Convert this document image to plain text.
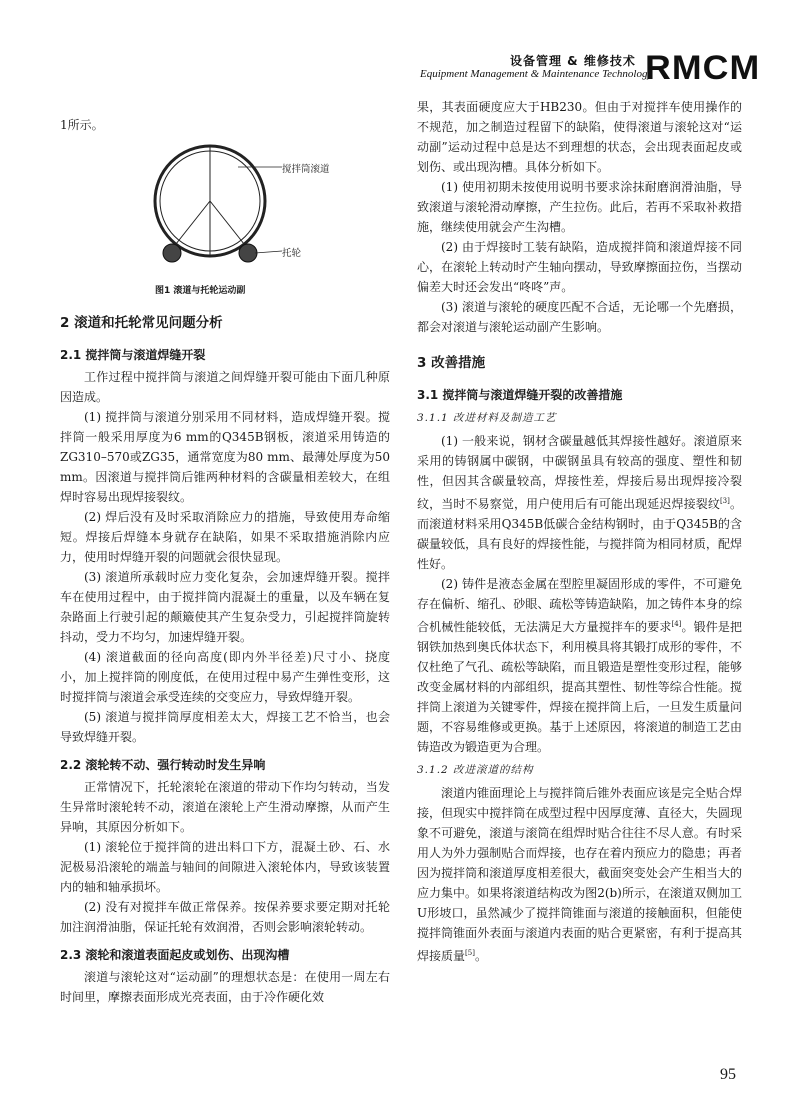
设备管理 & 维修技术
Equipment Management & Maintenance Technology
RMCM

1所示。

搅拌筒滚道
托轮
图1 滚道与托轮运动副
2 滚道和托轮常见问题分析
2.1 搅拌筒与滚道焊缝开裂

工作过程中搅拌筒与滚道之间焊缝开裂可能由下面几种原因造成。

(1) 搅拌筒与滚道分别采用不同材料，造成焊缝开裂。搅拌筒一般采用厚度为6 mm的Q345B钢板，滚道采用铸造的ZG310–570或ZG35，通常宽度为80 mm、最薄处厚度为50 mm。因滚道与搅拌筒后锥两种材料的含碳量相差较大，在组焊时容易出现焊接裂纹。

(2) 焊后没有及时采取消除应力的措施，导致使用寿命缩短。焊接后焊缝本身就存在缺陷，如果不采取措施消除内应力，使用时焊缝开裂的问题就会很快显现。

(3) 滚道所承载时应力变化复杂，会加速焊缝开裂。搅拌车在使用过程中，由于搅拌筒内混凝土的重量，以及车辆在复杂路面上行驶引起的颠簸使其产生复杂受力，引起搅拌筒旋转抖动，受力不均匀，加速焊缝开裂。

(4) 滚道截面的径向高度(即内外半径差)尺寸小、挠度小，加上搅拌筒的刚度低，在使用过程中易产生弹性变形，这时搅拌筒与滚道会承受连续的交变应力，导致焊缝开裂。

(5) 滚道与搅拌筒厚度相差太大，焊接工艺不恰当，也会导致焊缝开裂。

2.2 滚轮转不动、强行转动时发生异响

正常情况下，托轮滚轮在滚道的带动下作均匀转动，当发生异常时滚轮转不动，滚道在滚轮上产生滑动摩擦，从而产生异响，其原因分析如下。

(1) 滚轮位于搅拌筒的进出料口下方，混凝土砂、石、水泥极易沿滚轮的端盖与轴间的间隙进入滚轮体内，导致该装置内的轴和轴承损坏。

(2) 没有对搅拌车做正常保养。按保养要求要定期对托轮加注润滑油脂，保证托轮有效润滑，否则会影响滚轮转动。

2.3 滚轮和滚道表面起皮或划伤、出现沟槽

滚道与滚轮这对“运动副”的理想状态是：在使用一周左右时间里，摩擦表面形成光亮表面，由于冷作硬化效

果，其表面硬度应大于HB230。但由于对搅拌车使用操作的不规范，加之制造过程留下的缺陷，使得滚道与滚轮这对“运动副”运动过程中总是达不到理想的状态，会出现表面起皮或划伤、或出现沟槽。具体分析如下。

(1) 使用初期未按使用说明书要求涂抹耐磨润滑油脂，导致滚道与滚轮滑动摩擦，产生拉伤。此后，若再不采取补救措施，继续使用就会产生沟槽。

(2) 由于焊接时工装有缺陷，造成搅拌筒和滚道焊接不同心，在滚轮上转动时产生轴向摆动，导致摩擦面拉伤，当摆动偏差大时还会发出“咚咚”声。

(3) 滚道与滚轮的硬度匹配不合适，无论哪一个先磨损，都会对滚道与滚轮运动副产生影响。

3 改善措施
3.1 搅拌筒与滚道焊缝开裂的改善措施
3.1.1 改进材料及制造工艺

(1) 一般来说，钢材含碳量越低其焊接性越好。滚道原来采用的铸钢属中碳钢，中碳钢虽具有较高的强度、塑性和韧性，但因其含碳量较高，焊接性差，焊接后易出现焊接冷裂纹，当时不易察觉，用户使用后有可能出现延迟焊接裂纹[3]。而滚道材料采用Q345B低碳合金结构钢时，由于Q345B的含碳量较低，具有良好的焊接性能，与搅拌筒为相同材质，配焊性好。

(2) 铸件是液态金属在型腔里凝固形成的零件，不可避免存在偏析、缩孔、砂眼、疏松等铸造缺陷，加之铸件本身的综合机械性能较低，无法满足大方量搅拌车的要求[4]。锻件是把钢铁加热到奥氏体状态下，利用模具将其锻打成形的零件，不仅杜绝了气孔、疏松等缺陷，而且锻造是塑性变形过程，能够改变金属材料的内部组织，提高其塑性、韧性等综合性能。搅拌筒上滚道为关键零件，焊接在搅拌筒上后，一旦发生质量问题，不容易维修或更换。基于上述原因，将滚道的制造工艺由铸造改为锻造更为合理。

3.1.2 改进滚道的结构

滚道内锥面理论上与搅拌筒后锥外表面应该是完全贴合焊接，但现实中搅拌筒在成型过程中因厚度薄、直径大，失圆现象不可避免，滚道与滚筒在组焊时贴合往往不尽人意。有时采用人为外力强制贴合而焊接，也存在着内预应力的隐患；再者因为搅拌筒和滚道厚度相差很大，截面突变处会产生相当大的应力集中。如果将滚道结构改为图2(b)所示，在滚道双侧加工U形坡口，虽然减少了搅拌筒锥面与滚道的接触面积，但能使搅拌筒锥面外表面与滚道内表面的贴合更紧密，有利于提高其焊接质量[5]。

95
